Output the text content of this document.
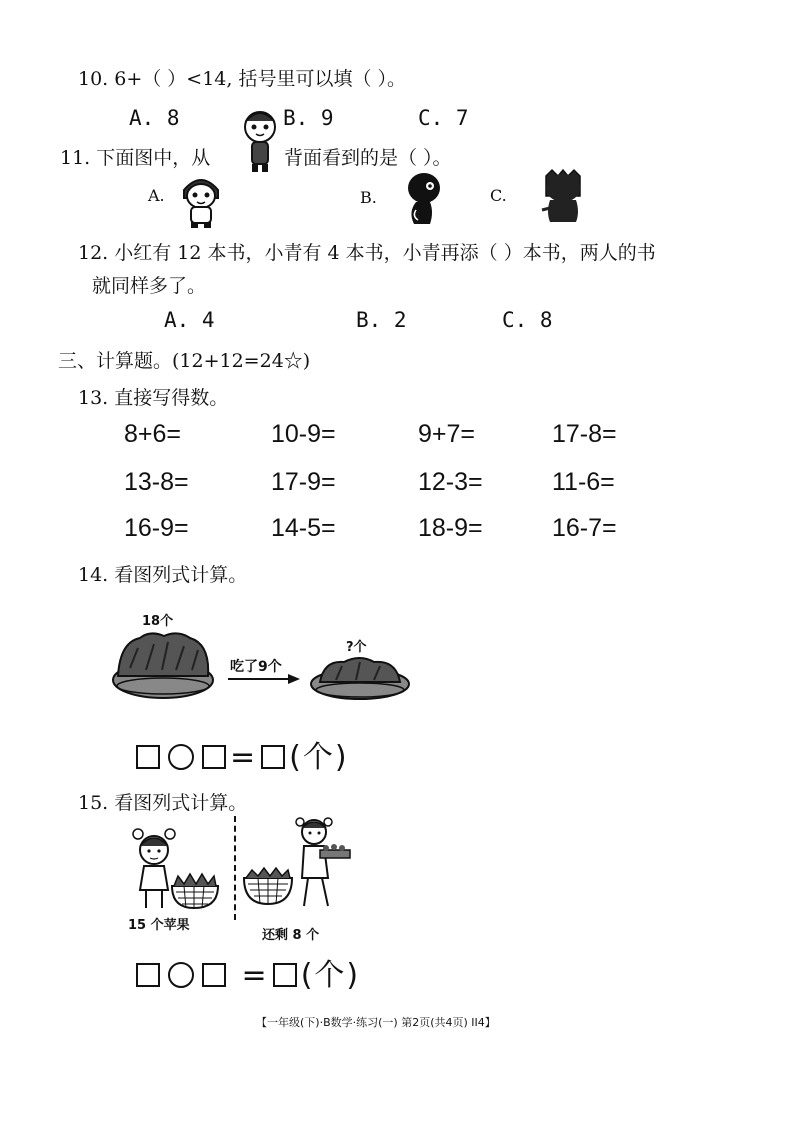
10. 6+（ ）<14, 括号里可以填（ ）。
A. 8	B. 9	C. 7
11. 下面图中，从	背面看到的是（ ）。
A.	B.	C.
12. 小红有 12 本书，小青有 4 本书，小青再添（ ）本书，两人的书
就同样多了。
A. 4	B. 2	C. 8
三、计算题。(12+12=24☆)
13. 直接写得数。
8+6=	10-9=	9+7=	17-8=
13-8=	17-9=	12-3=	11-6=
16-9=	14-5=	18-9=	16-7=
14. 看图列式计算。
18个
吃了9个
?个
= (个)
15. 看图列式计算。
15 个苹果
还剩 8 个
= (个)
【一年级(下)·B数学·练习(一) 第2页(共4页) II4】
